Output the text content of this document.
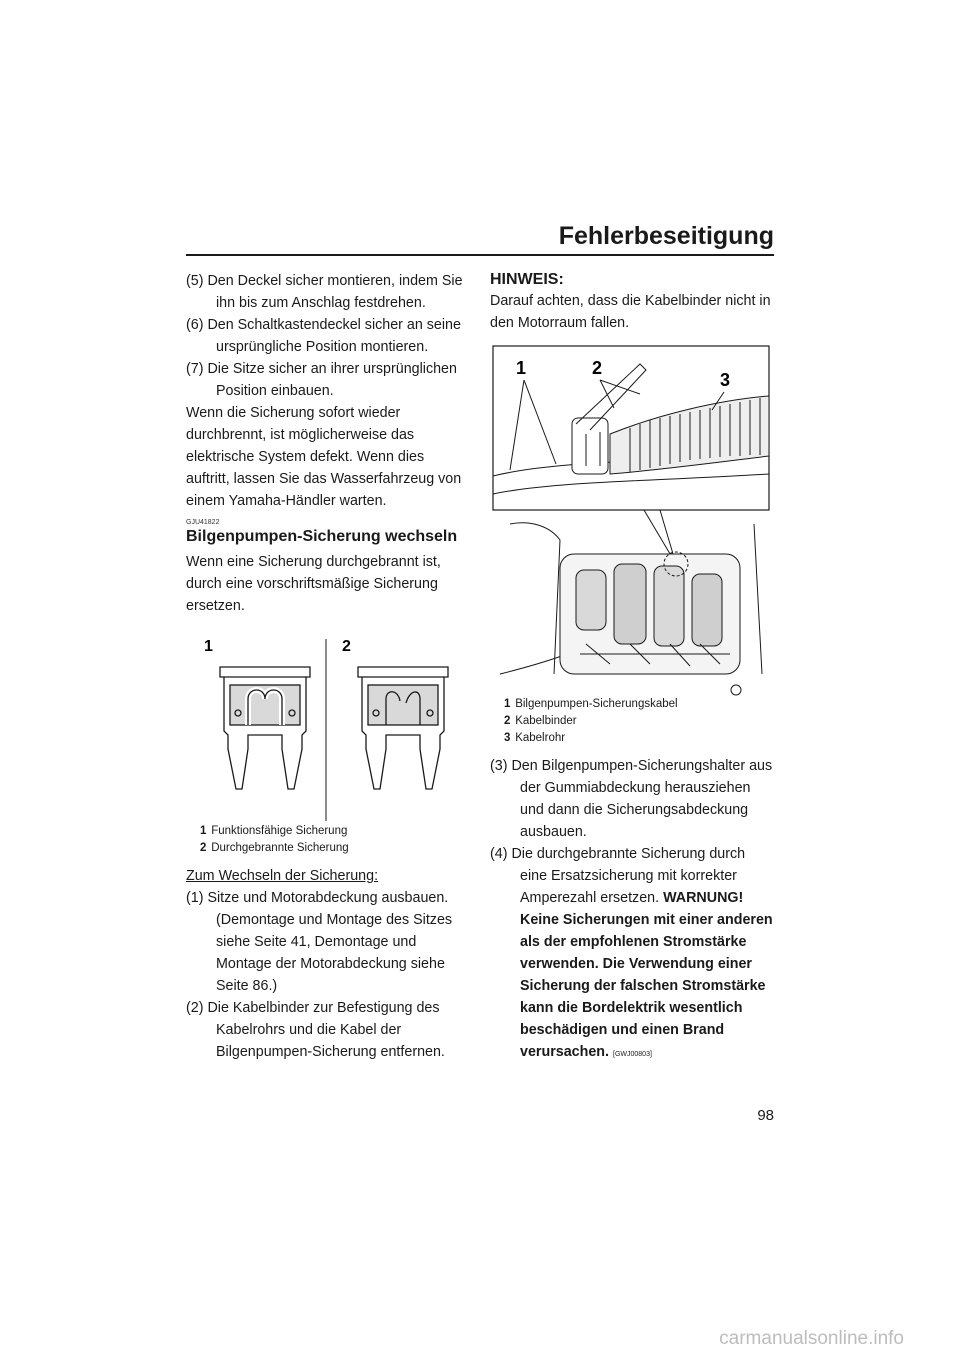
Fehlerbeseitigung

(5) Den Deckel sicher montieren, indem Sie ihn bis zum Anschlag festdrehen.

(6) Den Schaltkastendeckel sicher an seine ursprüngliche Position montieren.

(7) Die Sitze sicher an ihrer ursprünglichen Position einbauen.

Wenn die Sicherung sofort wieder durchbrennt, ist möglicherweise das elektrische System defekt. Wenn dies auftritt, lassen Sie das Wasserfahrzeug von einem Yamaha-Händler warten.

GJU41822

Bilgenpumpen-Sicherung wechseln

Wenn eine Sicherung durchgebrannt ist, durch eine vorschriftsmäßige Sicherung ersetzen.

1	2

1 Funktionsfähige Sicherung

2 Durchgebrannte Sicherung

Zum Wechseln der Sicherung:

(1) Sitze und Motorabdeckung ausbauen. (Demontage und Montage des Sitzes siehe Seite 41, Demontage und Montage der Motorabdeckung siehe Seite 86.)

(2) Die Kabelbinder zur Befestigung des Kabelrohrs und die Kabel der Bilgenpumpen-Sicherung entfernen.

HINWEIS:

Darauf achten, dass die Kabelbinder nicht in den Motorraum fallen.

1	2
3

1 Bilgenpumpen-Sicherungskabel

2 Kabelbinder

3 Kabelrohr

(3) Den Bilgenpumpen-Sicherungshalter aus der Gummiabdeckung herausziehen und dann die Sicherungsabdeckung ausbauen.

(4) Die durchgebrannte Sicherung durch eine Ersatzsicherung mit korrekter Amperezahl ersetzen. WARNUNG! Keine Sicherungen mit einer anderen als der empfohlenen Stromstärke verwenden. Die Verwendung einer Sicherung der falschen Stromstärke kann die Bordelektrik wesentlich beschädigen und einen Brand verursachen. [GWJ00803]

98
carmanualsonline.info
